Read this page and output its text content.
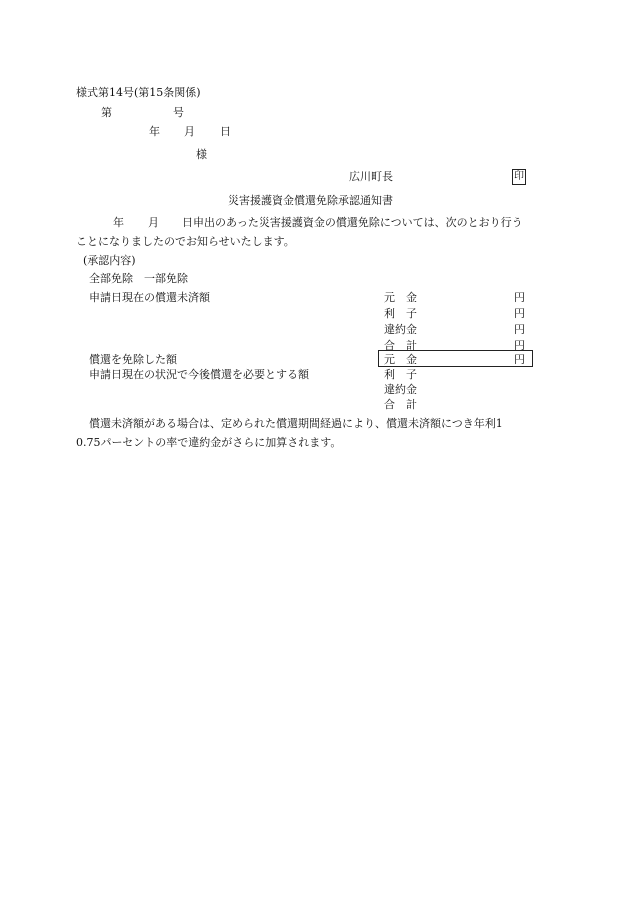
様式第14号(第15条関係)
第	号
年 月 日
様
広川町長	印
災害援護資金償還免除承認通知書
年 月 日申出のあった災害援護資金の償還免除については、次のとおり行う
ことになりましたのでお知らせいたします。
(承認内容)
全部免除　一部免除
申請日現在の償還未済額	元　金	円
利　子	円
違約金	円
合　計	円
償還を免除した額	元　金	円
申請日現在の状況で今後償還を必要とする額	利　子
違約金
合　計
償還未済額がある場合は、定められた償還期間経過により、償還未済額につき年利1
0.75パーセントの率で違約金がさらに加算されます。
